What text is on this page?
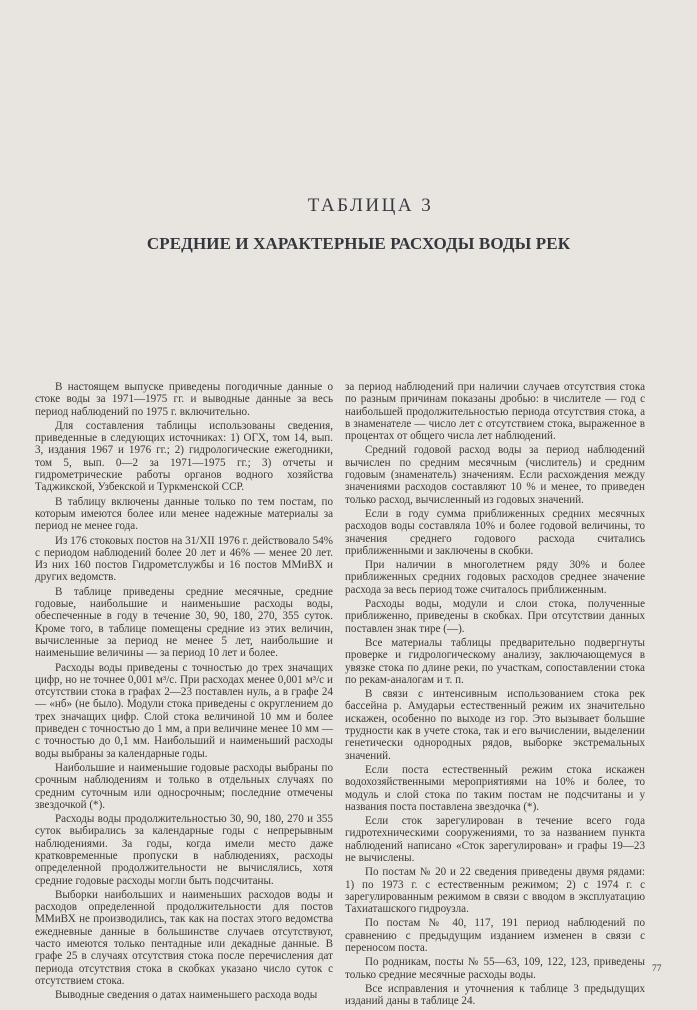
ТАБЛИЦА 3
СРЕДНИЕ И ХАРАКТЕРНЫЕ РАСХОДЫ ВОДЫ РЕК

В настоящем выпуске приведены погодичные данные о стоке воды за 1971—1975 гг. и выводные данные за весь период наблюдений по 1975 г. включительно.

Для составления таблицы использованы сведения, приведенные в следующих источниках: 1) ОГХ, том 14, вып. 3, издания 1967 и 1976 гг.; 2) гидрологические ежегодники, том 5, вып. 0—2 за 1971—1975 гг.; 3) отчеты и гидрометрические работы органов водного хозяйства Таджикской, Узбекской и Туркменской ССР.

В таблицу включены данные только по тем постам, по которым имеются более или менее надежные материалы за период не менее года.

Из 176 стоковых постов на 31/XII 1976 г. действовало 54% с периодом наблюдений более 20 лет и 46% — менее 20 лет. Из них 160 постов Гидрометслужбы и 16 постов ММиВХ и других ведомств.

В таблице приведены средние месячные, средние годовые, наибольшие и наименьшие расходы воды, обеспеченные в году в течение 30, 90, 180, 270, 355 суток. Кроме того, в таблице помещены средние из этих величин, вычисленные за период не менее 5 лет, наибольшие и наименьшие величины — за период 10 лет и более.

Расходы воды приведены с точностью до трех значащих цифр, но не точнее 0,001 м³/с. При расходах менее 0,001 м³/с и отсутствии стока в графах 2—23 поставлен нуль, а в графе 24 — «нб» (не было). Модули стока приведены с округлением до трех значащих цифр. Слой стока величиной 10 мм и более приведен с точностью до 1 мм, а при величине менее 10 мм — с точностью до 0,1 мм. Наибольший и наименьший расходы воды выбраны за календарные годы.

Наибольшие и наименьшие годовые расходы выбраны по срочным наблюдениям и только в отдельных случаях по средним суточным или односрочным; последние отмечены звездочкой (*).

Расходы воды продолжительностью 30, 90, 180, 270 и 355 суток выбирались за календарные годы с непрерывным наблюдениями. За годы, когда имели место даже кратковременные пропуски в наблюдениях, расходы определенной продолжительности не вычислялись, хотя средние годовые расходы могли быть подсчитаны.

Выборки наибольших и наименьших расходов воды и расходов определенной продолжительности для постов ММиВХ не производились, так как на постах этого ведомства ежедневные данные в большинстве случаев отсутствуют, часто имеются только пентадные или декадные данные. В графе 25 в случаях отсутствия стока после перечисления дат периода отсутствия стока в скобках указано число суток с отсутствием стока.

Выводные сведения о датах наименьшего расхода воды

за период наблюдений при наличии случаев отсутствия стока по разным причинам показаны дробью: в числителе — год с наибольшей продолжительностью периода отсутствия стока, а в знаменателе — число лет с отсутствием стока, выраженное в процентах от общего числа лет наблюдений.

Средний годовой расход воды за период наблюдений вычислен по средним месячным (числитель) и средним годовым (знаменатель) значениям. Если расхождения между значениями расходов составляют 10 % и менее, то приведен только расход, вычисленный из годовых значений.

Если в году сумма приближенных средних месячных расходов воды составляла 10% и более годовой величины, то значения среднего годового расхода считались приближенными и заключены в скобки.

При наличии в многолетнем ряду 30% и более приближенных средних годовых расходов среднее значение расхода за весь период тоже считалось приближенным.

Расходы воды, модули и слои стока, полученные приближенно, приведены в скобках. При отсутствии данных поставлен знак тире (—).

Все материалы таблицы предварительно подвергнуты проверке и гидрологическому анализу, заключающемуся в увязке стока по длине реки, по участкам, сопоставлении стока по рекам-аналогам и т. п.

В связи с интенсивным использованием стока рек бассейна р. Амударьи естественный режим их значительно искажен, особенно по выходе из гор. Это вызывает большие трудности как в учете стока, так и его вычислении, выделении генетически однородных рядов, выборке экстремальных значений.

Если поста естественный режим стока искажен водохозяйственными мероприятиями на 10% и более, то модуль и слой стока по таким постам не подсчитаны и у названия поста поставлена звездочка (*).

Если сток зарегулирован в течение всего года гидротехническими сооружениями, то за названием пункта наблюдений написано «Сток зарегулирован» и графы 19—23 не вычислены.

По постам № 20 и 22 сведения приведены двумя рядами: 1) по 1973 г. с естественным режимом; 2) с 1974 г. с зарегулированным режимом в связи с вводом в эксплуатацию Тахиаташского гидроузла.

По постам № 40, 117, 191 период наблюдений по сравнению с предыдущим изданием изменен в связи с переносом поста.

По родникам, посты № 55—63, 109, 122, 123, приведены только средние месячные расходы воды.

Все исправления и уточнения к таблице 3 предыдущих изданий даны в таблице 24.

77
